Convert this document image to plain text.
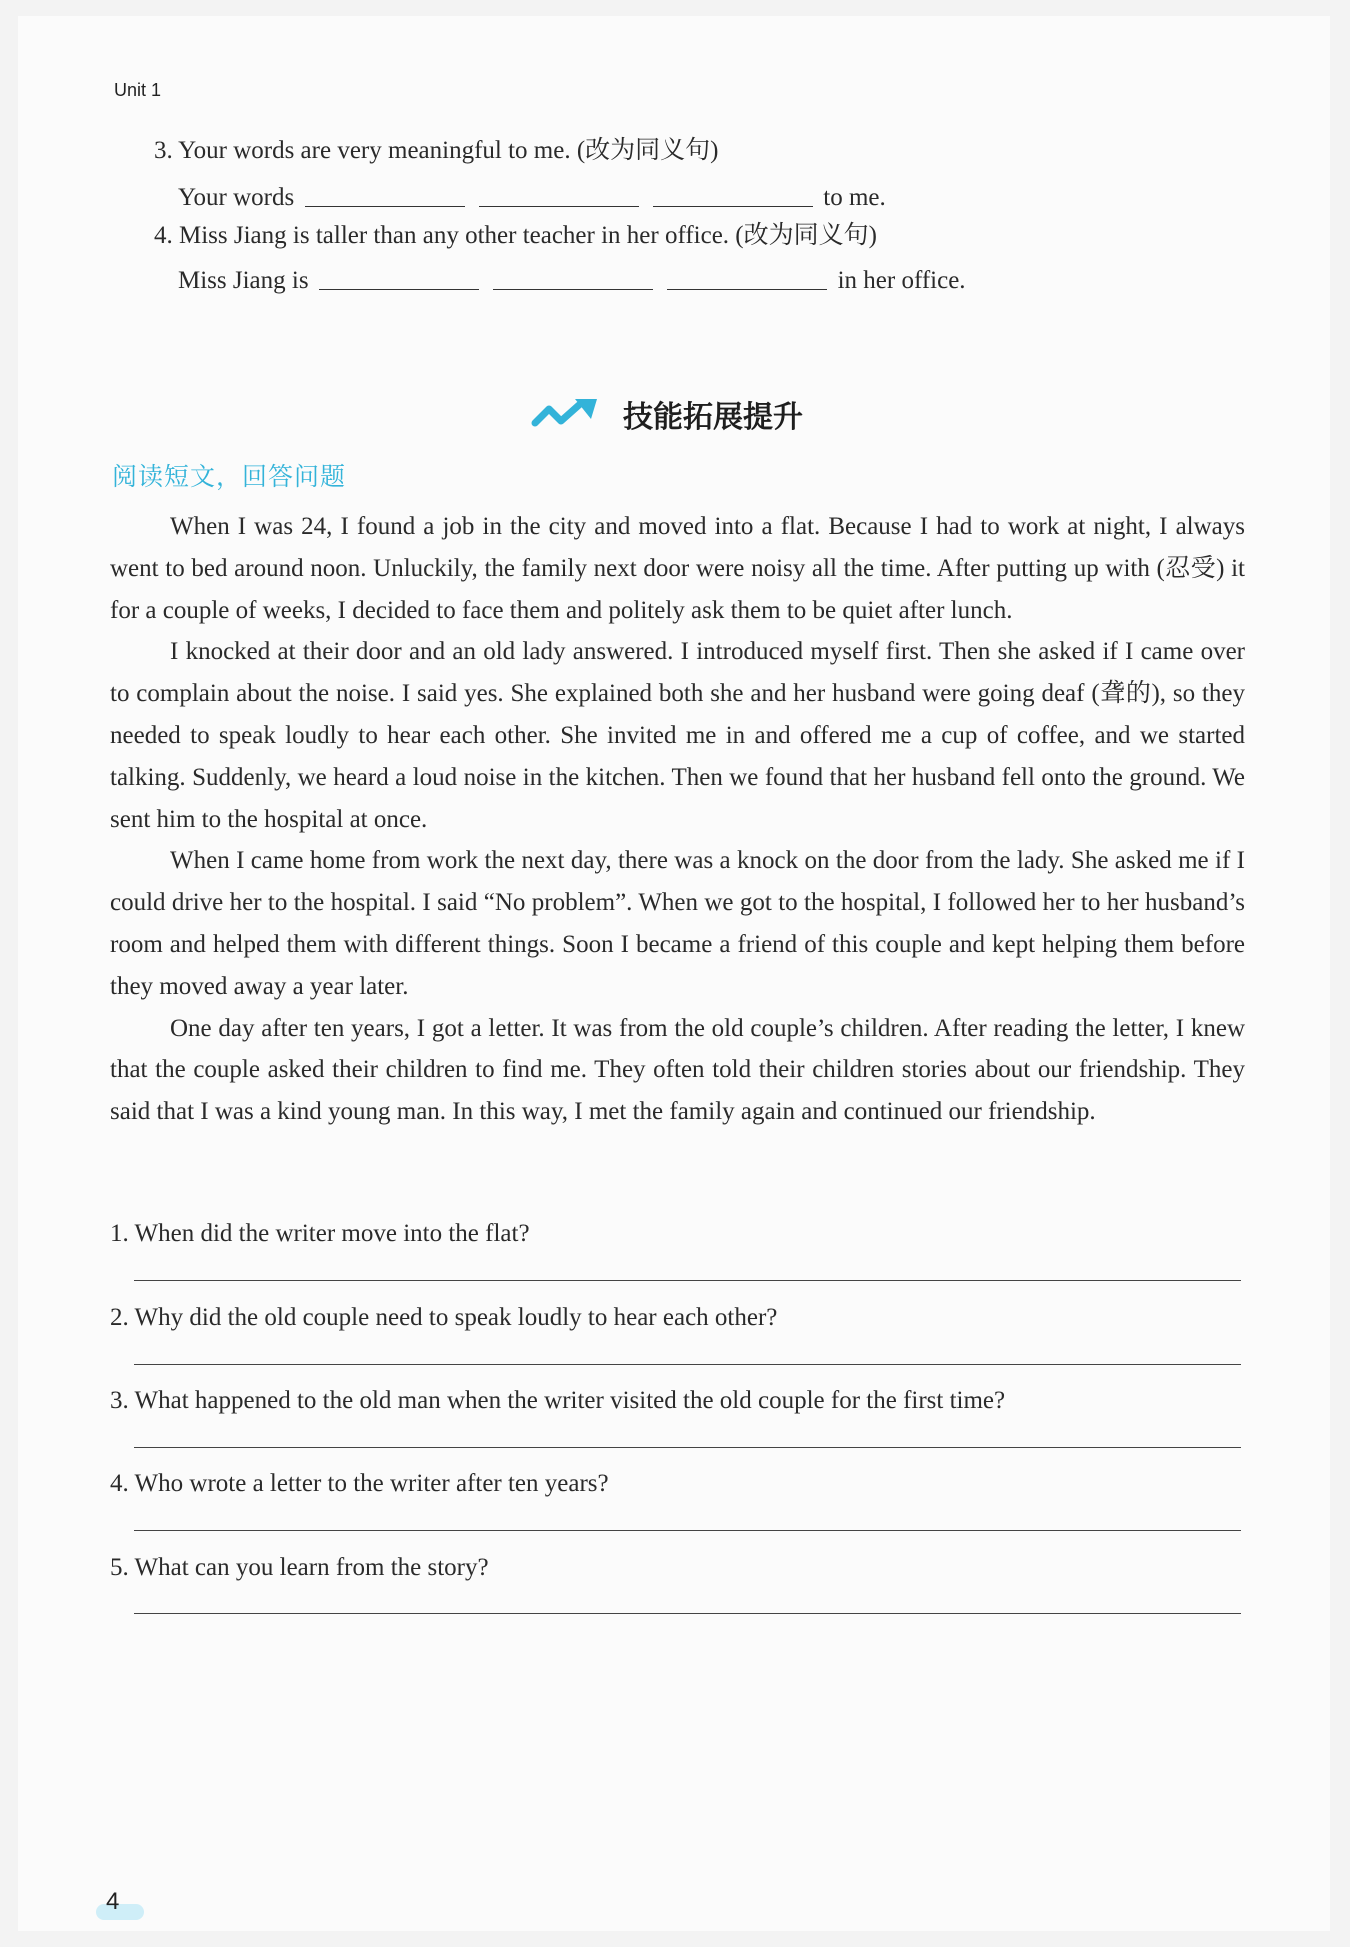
Unit 1
3. Your words are very meaningful to me. (改为同义句)
Your words	to me.
4. Miss Jiang is taller than any other teacher in her office. (改为同义句)
Miss Jiang is	in her office.
技能拓展提升
阅读短文，回答问题

When I was 24, I found a job in the city and moved into a flat. Because I had to work at night, I always went to bed around noon. Unluckily, the family next door were noisy all the time. After putting up with (忍受) it for a couple of weeks, I decided to face them and politely ask them to be quiet after lunch.

I knocked at their door and an old lady answered. I introduced myself first. Then she asked if I came over to complain about the noise. I said yes. She explained both she and her husband were going deaf (聋的), so they needed to speak loudly to hear each other. She invited me in and offered me a cup of coffee, and we started talking. Suddenly, we heard a loud noise in the kitchen. Then we found that her husband fell onto the ground. We sent him to the hospital at once.

When I came home from work the next day, there was a knock on the door from the lady. She asked me if I could drive her to the hospital. I said “No problem”. When we got to the hospital, I followed her to her husband’s room and helped them with different things. Soon I became a friend of this couple and kept helping them before they moved away a year later.

One day after ten years, I got a letter. It was from the old couple’s children. After reading the letter, I knew that the couple asked their children to find me. They often told their children stories about our friendship. They said that I was a kind young man. In this way, I met the family again and continued our friendship.

1. When did the writer move into the flat?
2. Why did the old couple need to speak loudly to hear each other?
3. What happened to the old man when the writer visited the old couple for the first time?
4. Who wrote a letter to the writer after ten years?
5. What can you learn from the story?
4
